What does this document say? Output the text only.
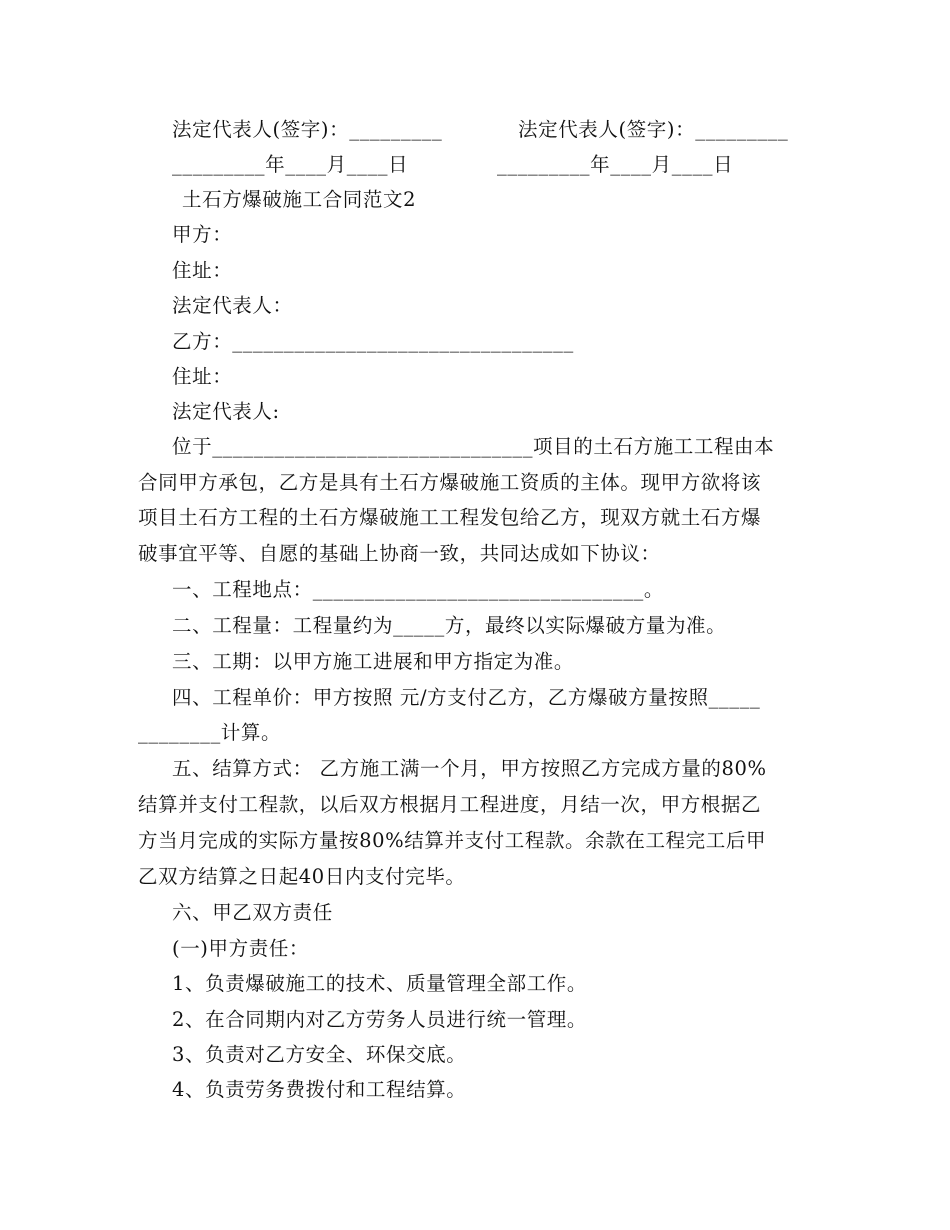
法定代表人(签字)：_________	法定代表人(签字)：_________
_________年____月____日	_________年____月____日
土石方爆破施工合同范文2
甲方：
住址：
法定代表人：
乙方：_________________________________
住址：
法定代表人:
位于_______________________________项目的土石方施工工程由本
合同甲方承包，乙方是具有土石方爆破施工资质的主体。现甲方欲将该
项目土石方工程的土石方爆破施工工程发包给乙方，现双方就土石方爆
破事宜平等、自愿的基础上协商一致，共同达成如下协议：
一、工程地点：________________________________。
二、工程量：工程量约为_____方，最终以实际爆破方量为准。
三、工期：以甲方施工进展和甲方指定为准。
四、工程单价：甲方按照 元/方支付乙方，乙方爆破方量按照_____
________计算。
五、结算方式： 乙方施工满一个月，甲方按照乙方完成方量的80%
结算并支付工程款，以后双方根据月工程进度，月结一次，甲方根据乙
方当月完成的实际方量按80%结算并支付工程款。余款在工程完工后甲
乙双方结算之日起40日内支付完毕。
六、甲乙双方责任
(一)甲方责任：
1、负责爆破施工的技术、质量管理全部工作。
2、在合同期内对乙方劳务人员进行统一管理。
3、负责对乙方安全、环保交底。
4、负责劳务费拨付和工程结算。
